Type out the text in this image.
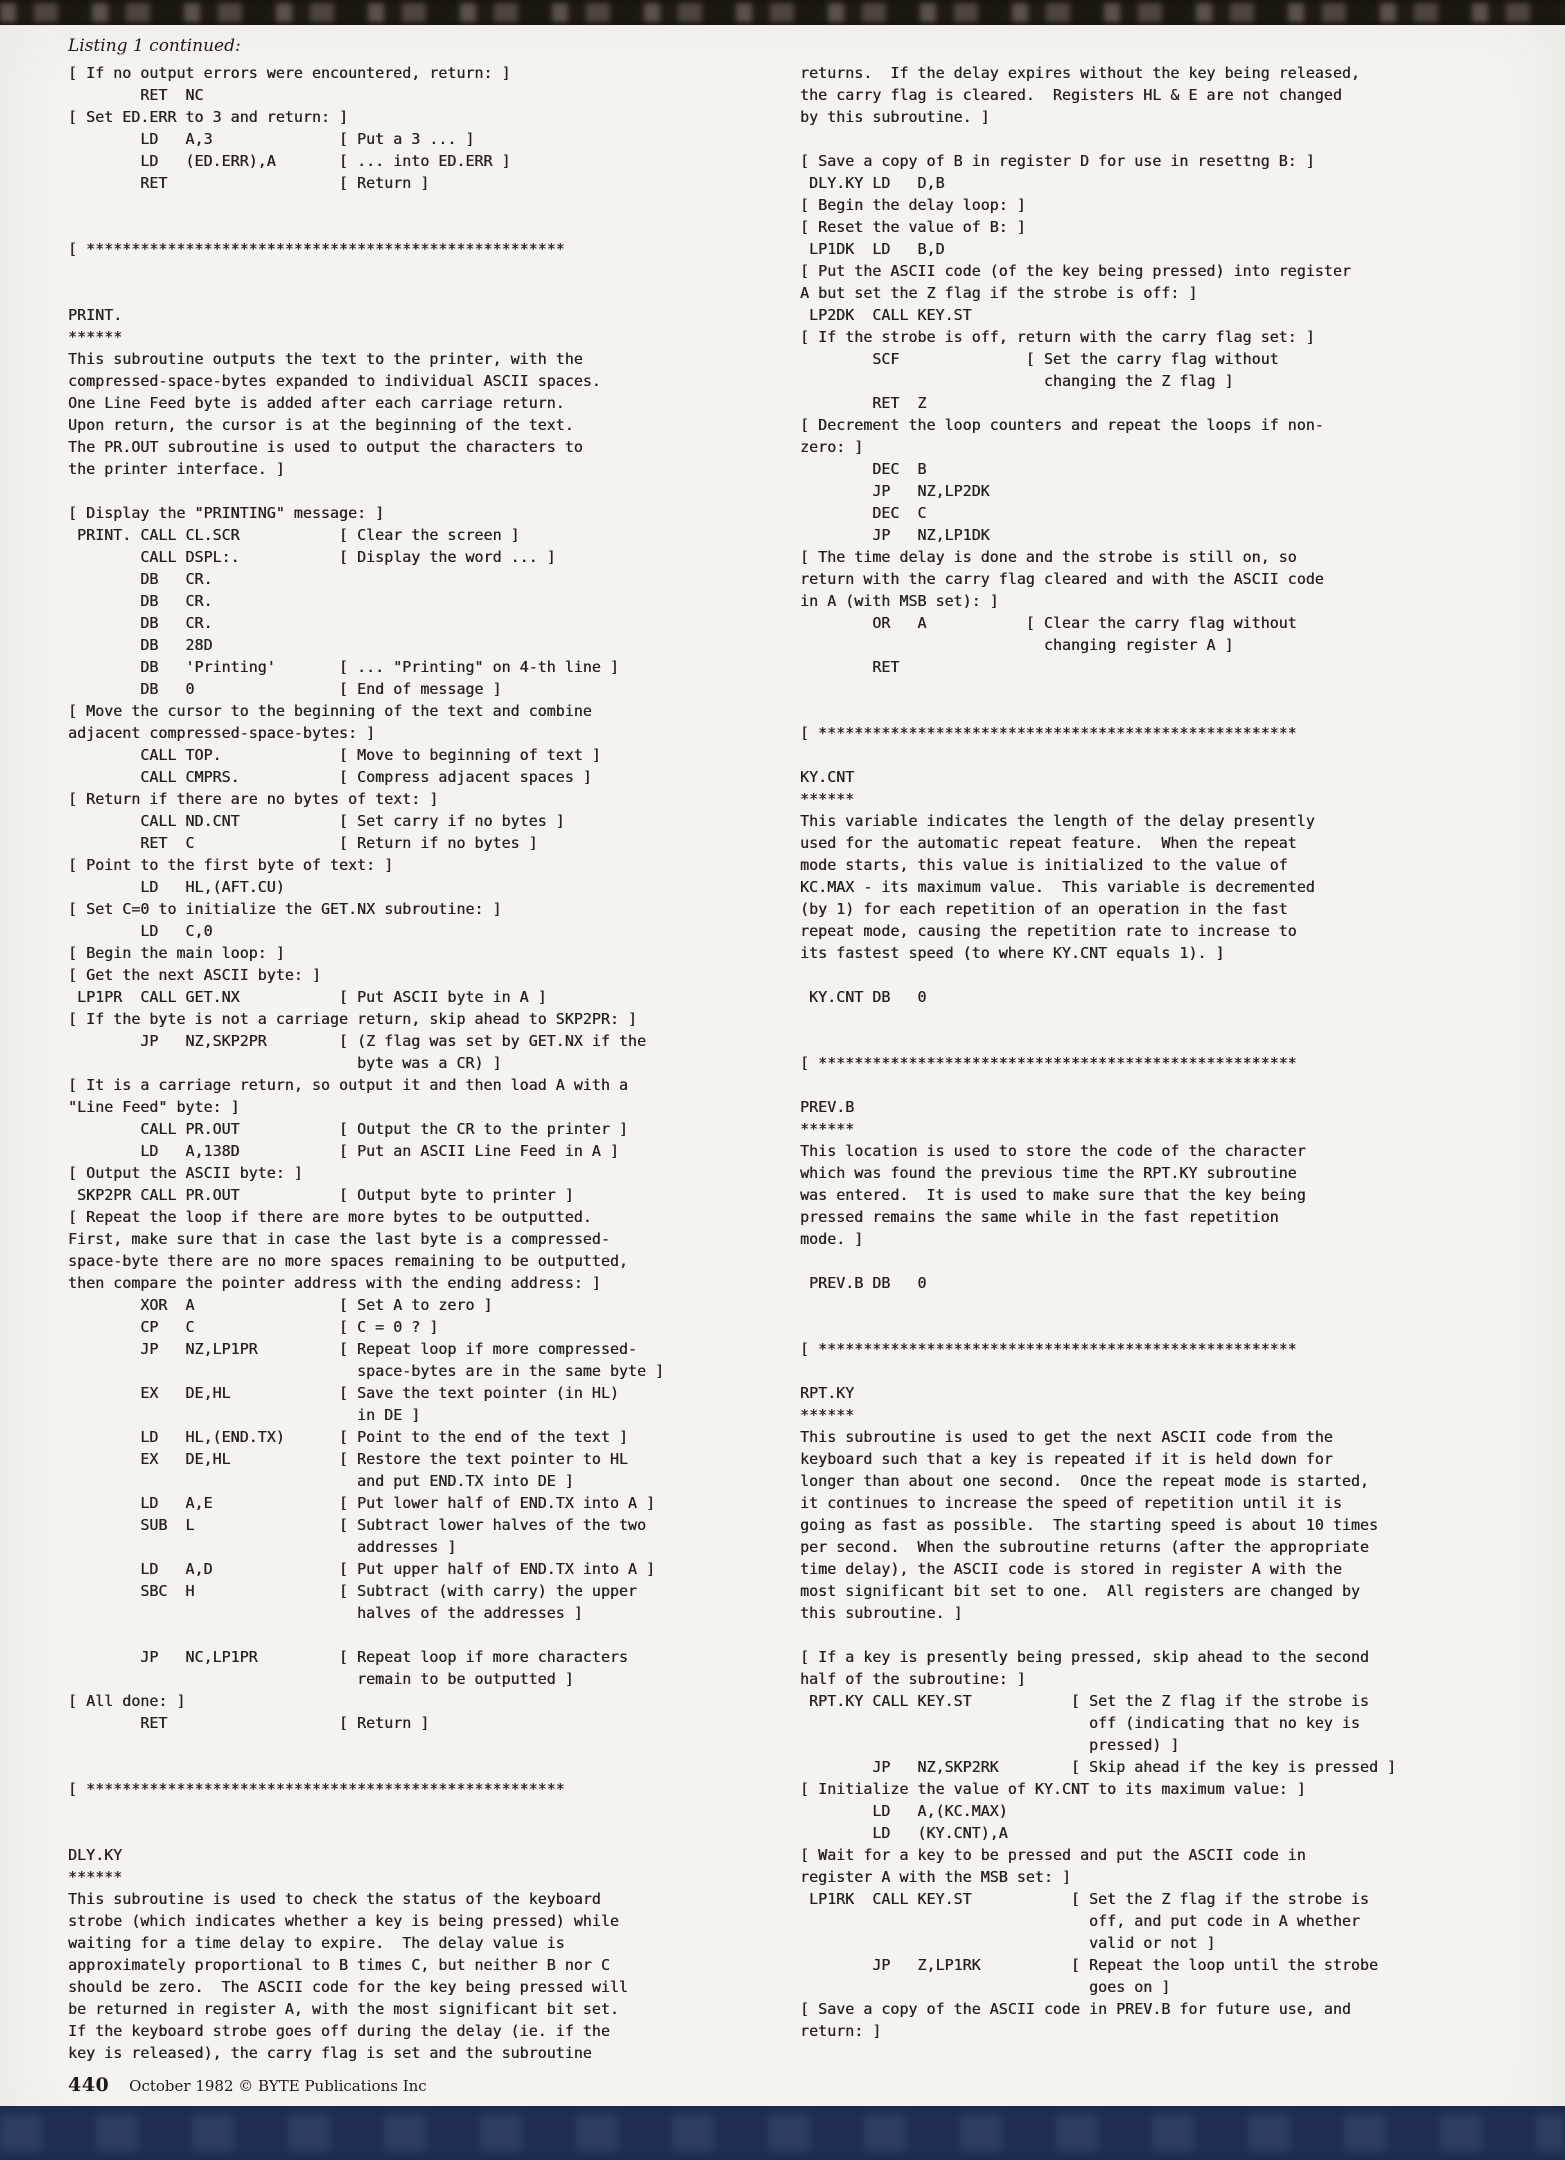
Listing 1 continued:
[ If no output errors were encountered, return: ]
RET  NC
[ Set ED.ERR to 3 and return: ]
LD   A,3              [ Put a 3 ... ]
LD   (ED.ERR),A       [ ... into ED.ERR ]
RET                   [ Return ]

[ *****************************************************

PRINT.
******
This subroutine outputs the text to the printer, with the
compressed-space-bytes expanded to individual ASCII spaces.
One Line Feed byte is added after each carriage return.
Upon return, the cursor is at the beginning of the text.
The PR.OUT subroutine is used to output the characters to
the printer interface. ]

[ Display the "PRINTING" message: ]
PRINT. CALL CL.SCR           [ Clear the screen ]
CALL DSPL:.           [ Display the word ... ]
DB   CR.
DB   CR.
DB   CR.
DB   28D
DB   'Printing'       [ ... "Printing" on 4-th line ]
DB   0                [ End of message ]
[ Move the cursor to the beginning of the text and combine
adjacent compressed-space-bytes: ]
CALL TOP.             [ Move to beginning of text ]
CALL CMPRS.           [ Compress adjacent spaces ]
[ Return if there are no bytes of text: ]
CALL ND.CNT           [ Set carry if no bytes ]
RET  C                [ Return if no bytes ]
[ Point to the first byte of text: ]
LD   HL,(AFT.CU)
[ Set C=0 to initialize the GET.NX subroutine: ]
LD   C,0
[ Begin the main loop: ]
[ Get the next ASCII byte: ]
LP1PR  CALL GET.NX           [ Put ASCII byte in A ]
[ If the byte is not a carriage return, skip ahead to SKP2PR: ]
JP   NZ,SKP2PR        [ (Z flag was set by GET.NX if the
byte was a CR) ]
[ It is a carriage return, so output it and then load A with a
"Line Feed" byte: ]
CALL PR.OUT           [ Output the CR to the printer ]
LD   A,138D           [ Put an ASCII Line Feed in A ]
[ Output the ASCII byte: ]
SKP2PR CALL PR.OUT           [ Output byte to printer ]
[ Repeat the loop if there are more bytes to be outputted.
First, make sure that in case the last byte is a compressed-
space-byte there are no more spaces remaining to be outputted,
then compare the pointer address with the ending address: ]
XOR  A                [ Set A to zero ]
CP   C                [ C = 0 ? ]
JP   NZ,LP1PR         [ Repeat loop if more compressed-
space-bytes are in the same byte ]
EX   DE,HL            [ Save the text pointer (in HL)
in DE ]
LD   HL,(END.TX)      [ Point to the end of the text ]
EX   DE,HL            [ Restore the text pointer to HL
and put END.TX into DE ]
LD   A,E              [ Put lower half of END.TX into A ]
SUB  L                [ Subtract lower halves of the two
addresses ]
LD   A,D              [ Put upper half of END.TX into A ]
SBC  H                [ Subtract (with carry) the upper
halves of the addresses ]

JP   NC,LP1PR         [ Repeat loop if more characters
remain to be outputted ]
[ All done: ]
RET                   [ Return ]

[ *****************************************************

DLY.KY
******
This subroutine is used to check the status of the keyboard
strobe (which indicates whether a key is being pressed) while
waiting for a time delay to expire.  The delay value is
approximately proportional to B times C, but neither B nor C
should be zero.  The ASCII code for the key being pressed will
be returned in register A, with the most significant bit set.
If the keyboard strobe goes off during the delay (ie. if the
key is released), the carry flag is set and the subroutine
returns.  If the delay expires without the key being released,
the carry flag is cleared.  Registers HL & E are not changed
by this subroutine. ]

[ Save a copy of B in register D for use in resettng B: ]
DLY.KY LD   D,B
[ Begin the delay loop: ]
[ Reset the value of B: ]
LP1DK  LD   B,D
[ Put the ASCII code (of the key being pressed) into register
A but set the Z flag if the strobe is off: ]
LP2DK  CALL KEY.ST
[ If the strobe is off, return with the carry flag set: ]
SCF              [ Set the carry flag without
changing the Z flag ]
RET  Z
[ Decrement the loop counters and repeat the loops if non-
zero: ]
DEC  B
JP   NZ,LP2DK
DEC  C
JP   NZ,LP1DK
[ The time delay is done and the strobe is still on, so
return with the carry flag cleared and with the ASCII code
in A (with MSB set): ]
OR   A           [ Clear the carry flag without
changing register A ]
RET

[ *****************************************************

KY.CNT
******
This variable indicates the length of the delay presently
used for the automatic repeat feature.  When the repeat
mode starts, this value is initialized to the value of
KC.MAX - its maximum value.  This variable is decremented
(by 1) for each repetition of an operation in the fast
repeat mode, causing the repetition rate to increase to
its fastest speed (to where KY.CNT equals 1). ]

KY.CNT DB   0

[ *****************************************************

PREV.B
******
This location is used to store the code of the character
which was found the previous time the RPT.KY subroutine
was entered.  It is used to make sure that the key being
pressed remains the same while in the fast repetition
mode. ]

PREV.B DB   0

[ *****************************************************

RPT.KY
******
This subroutine is used to get the next ASCII code from the
keyboard such that a key is repeated if it is held down for
longer than about one second.  Once the repeat mode is started,
it continues to increase the speed of repetition until it is
going as fast as possible.  The starting speed is about 10 times
per second.  When the subroutine returns (after the appropriate
time delay), the ASCII code is stored in register A with the
most significant bit set to one.  All registers are changed by
this subroutine. ]

[ If a key is presently being pressed, skip ahead to the second
half of the subroutine: ]
RPT.KY CALL KEY.ST           [ Set the Z flag if the strobe is
off (indicating that no key is
pressed) ]
JP   NZ,SKP2RK        [ Skip ahead if the key is pressed ]
[ Initialize the value of KY.CNT to its maximum value: ]
LD   A,(KC.MAX)
LD   (KY.CNT),A
[ Wait for a key to be pressed and put the ASCII code in
register A with the MSB set: ]
LP1RK  CALL KEY.ST           [ Set the Z flag if the strobe is
off, and put code in A whether
valid or not ]
JP   Z,LP1RK          [ Repeat the loop until the strobe
goes on ]
[ Save a copy of the ASCII code in PREV.B for future use, and
return: ]
440 October 1982 © BYTE Publications Inc
